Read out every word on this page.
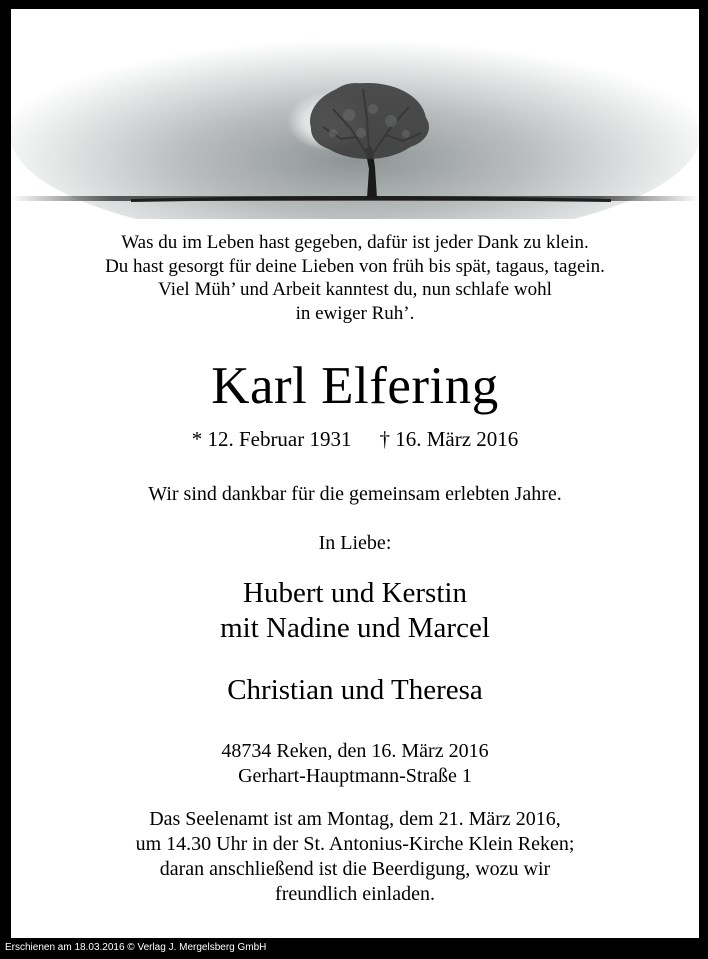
Was du im Leben hast gegeben, dafür ist jeder Dank zu klein.
Du hast gesorgt für deine Lieben von früh bis spät, tagaus, tagein.
Viel Müh’ und Arbeit kanntest du, nun schlafe wohl
in ewiger Ruh’.
Karl Elfering
* 12. Februar 1931 † 16. März 2016
Wir sind dankbar für die gemeinsam erlebten Jahre.
In Liebe:
Hubert und Kerstin
mit Nadine und Marcel
Christian und Theresa
48734 Reken, den 16. März 2016
Gerhart-Hauptmann-Straße 1
Das Seelenamt ist am Montag, dem 21. März 2016,
um 14.30 Uhr in der St. Antonius-Kirche Klein Reken;
daran anschließend ist die Beerdigung, wozu wir
freundlich einladen.
Erschienen am 18.03.2016 © Verlag J. Mergelsberg GmbH
